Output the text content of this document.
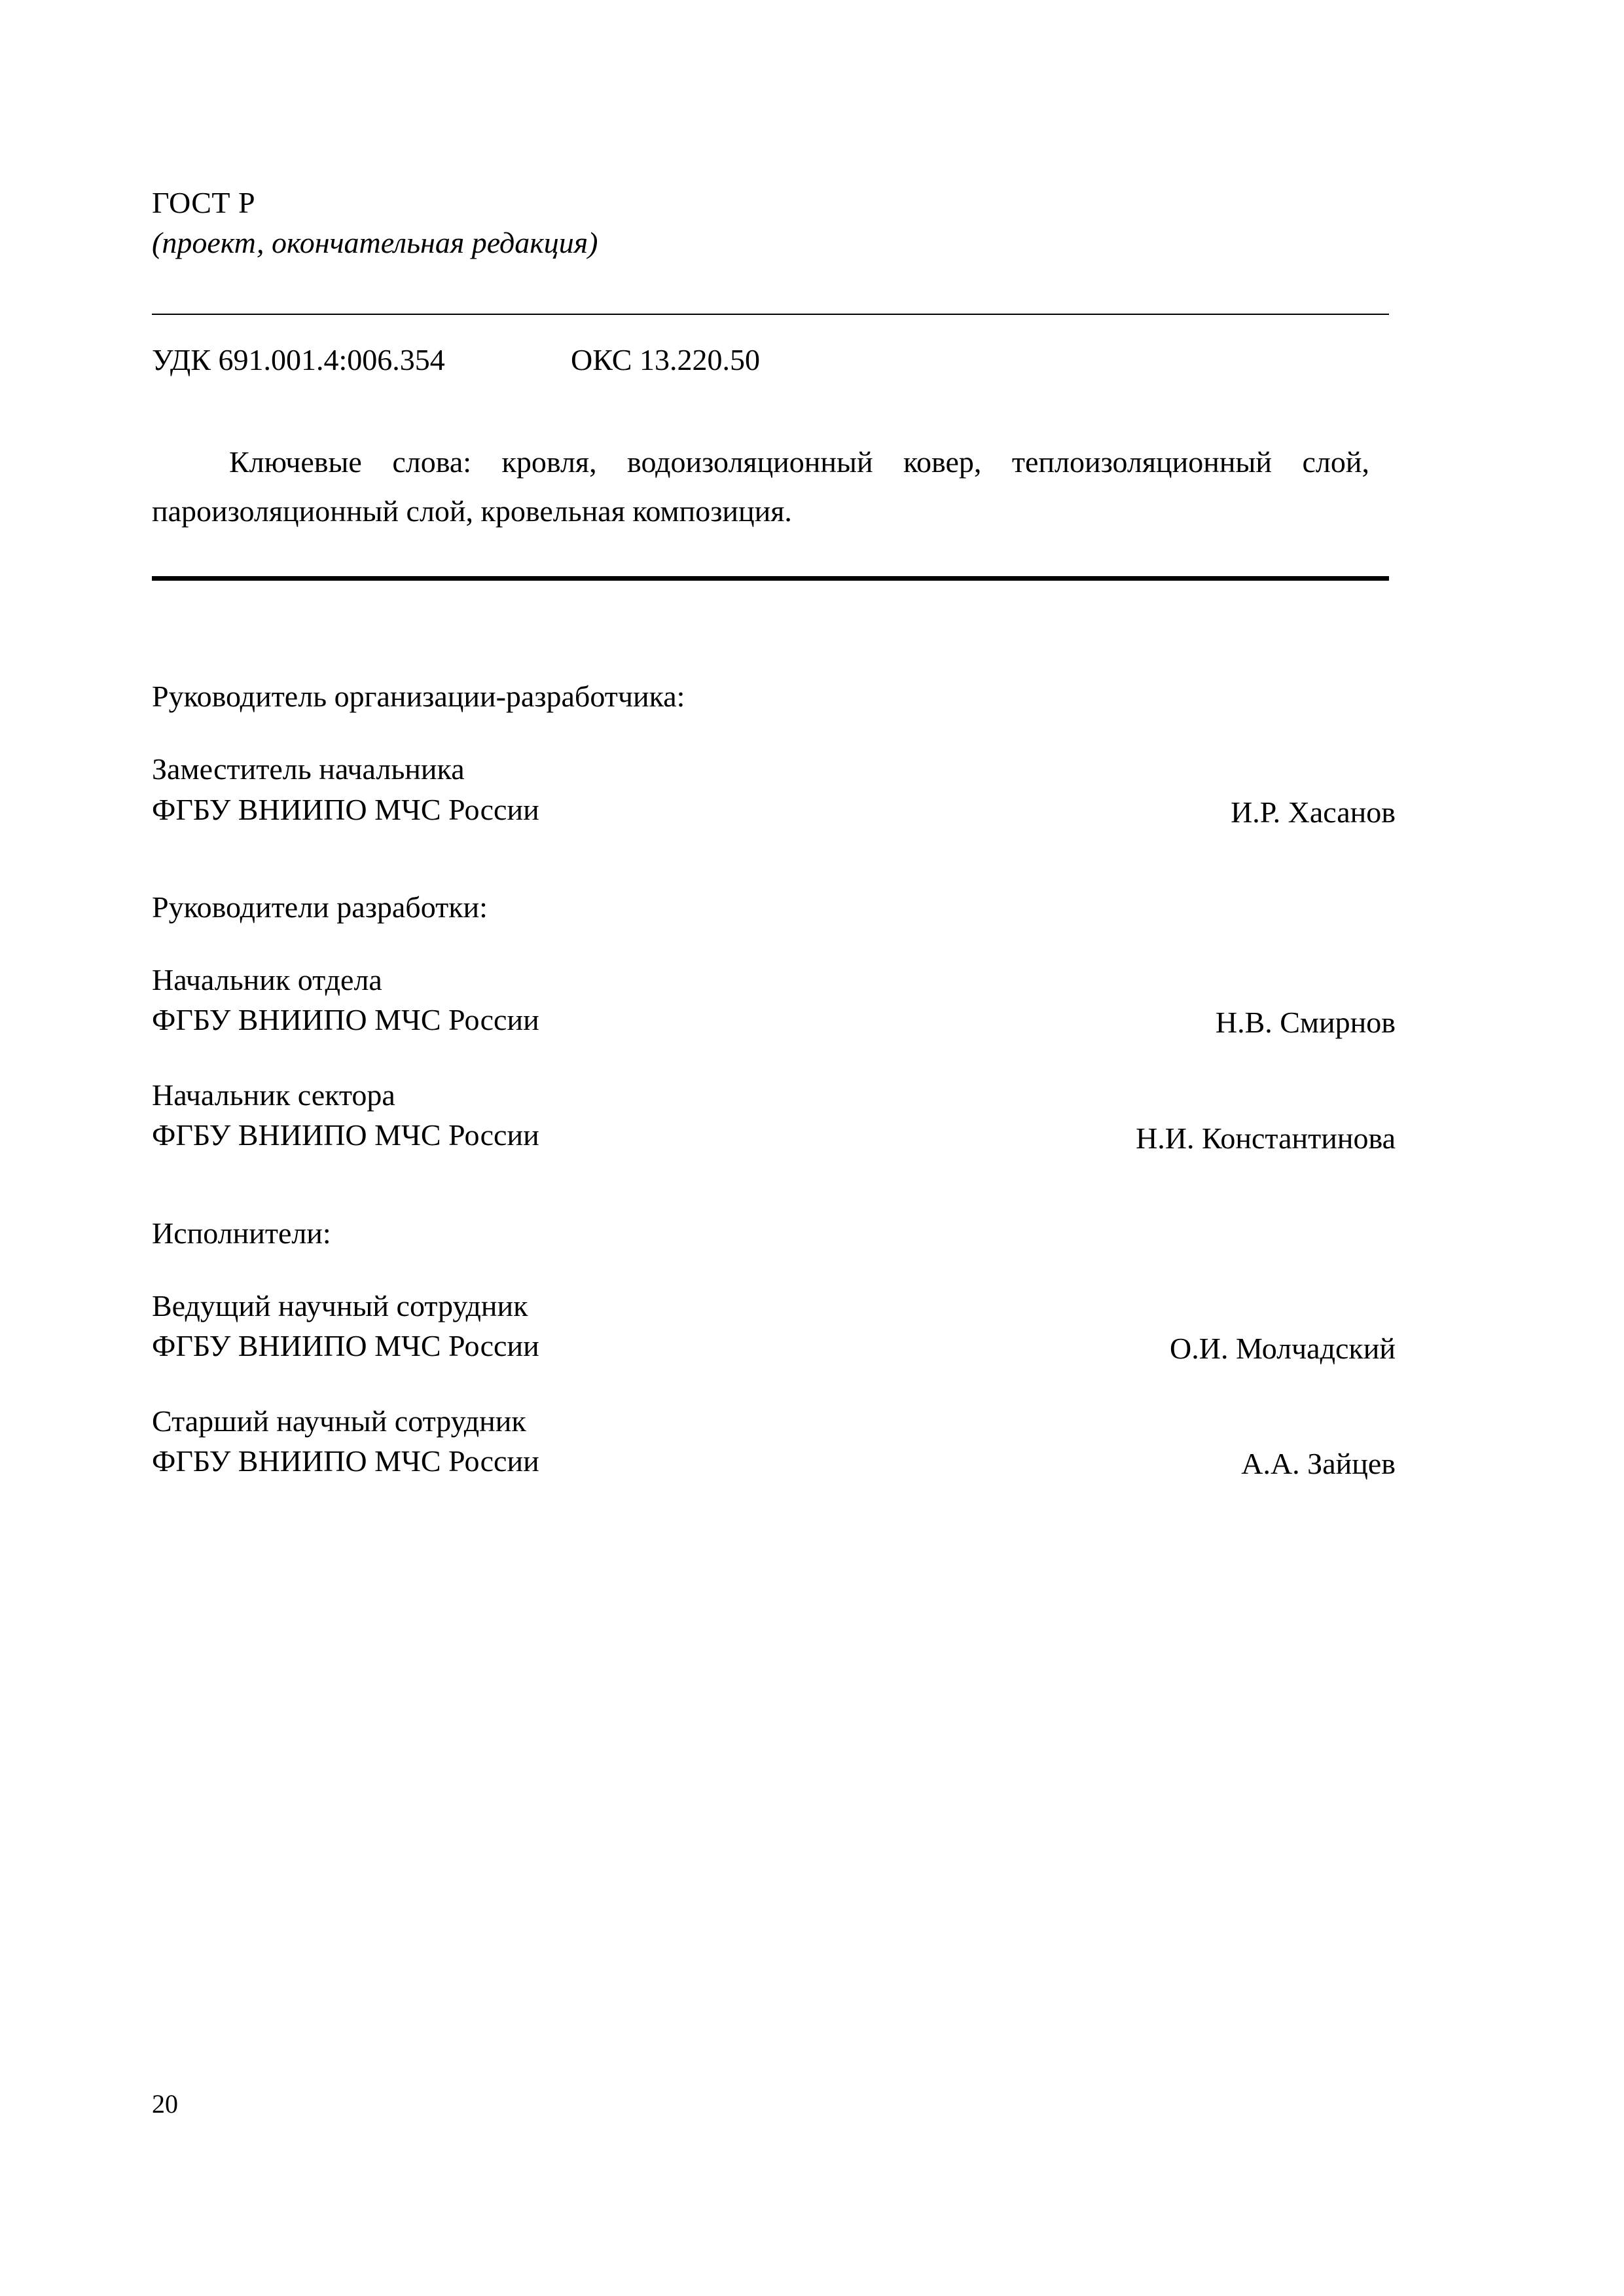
ГОСТ Р
(проект, окончательная редакция)
УДК 691.001.4:006.354	ОКС 13.220.50
Ключевые слова: кровля, водоизоляционный ковер, теплоизоляционный слой, пароизоляционный слой, кровельная композиция.
Руководитель организации-разработчика:
Заместитель начальника
ФГБУ ВНИИПО МЧС России	И.Р. Хасанов
Руководители разработки:
Начальник отдела
ФГБУ ВНИИПО МЧС России	Н.В. Смирнов
Начальник сектора
ФГБУ ВНИИПО МЧС России	Н.И. Константинова
Исполнители:
Ведущий научный сотрудник
ФГБУ ВНИИПО МЧС России	О.И. Молчадский
Старший научный сотрудник
ФГБУ ВНИИПО МЧС России	А.А. Зайцев
20
